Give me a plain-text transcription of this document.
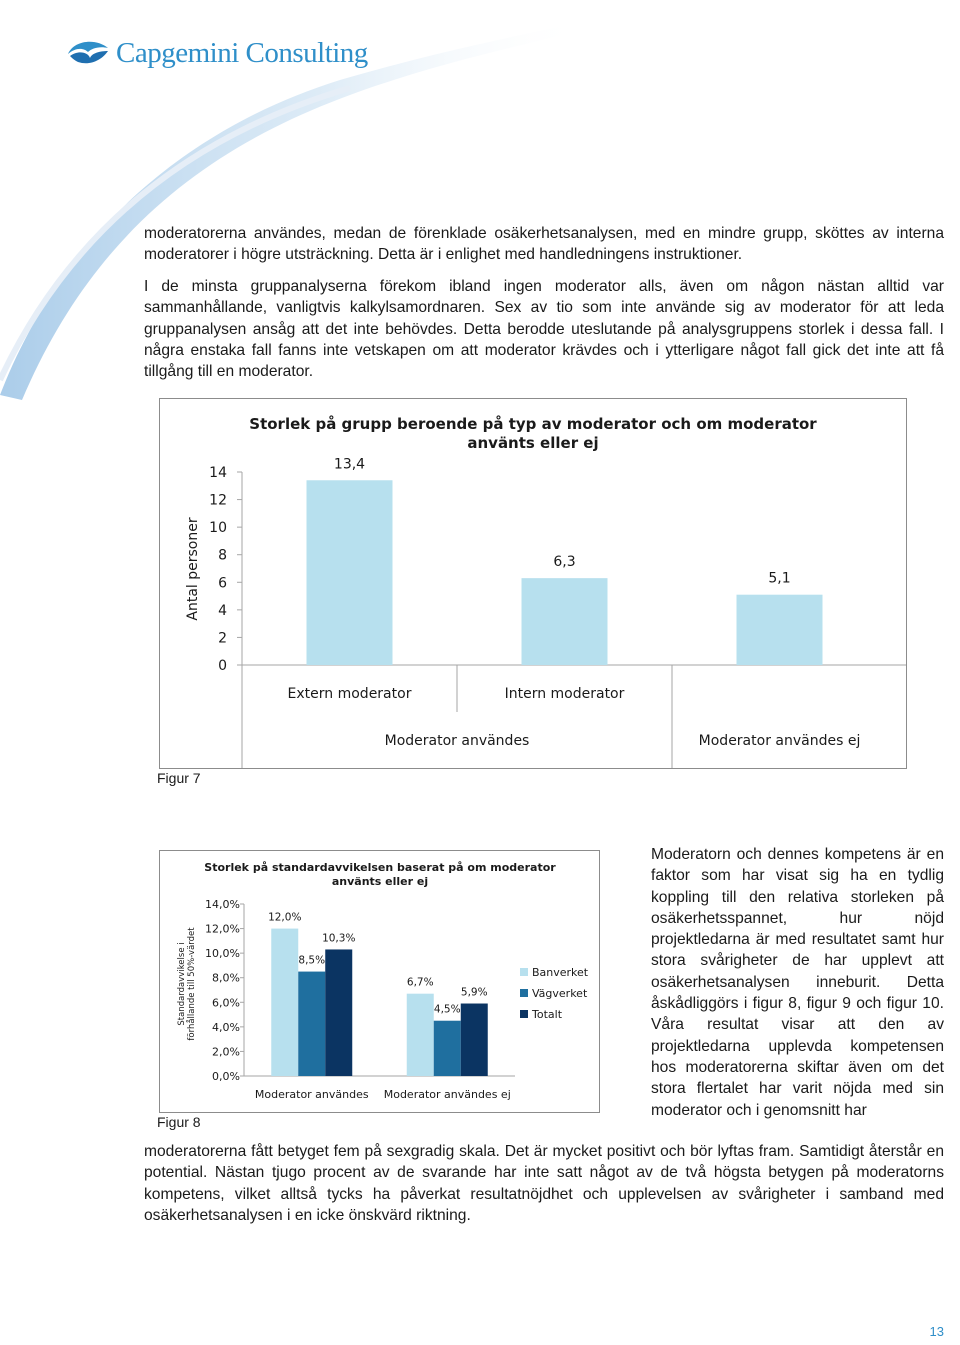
Capgemini Consulting

moderatorerna användes, medan de förenklade osäkerhetsanalysen, med en mindre grupp, sköttes av interna moderatorer i högre utsträckning. Detta är i enlighet med handledningens instruktioner.

I de minsta gruppanalyserna förekom ibland ingen moderator alls, även om någon nästan alltid var sammanhållande, vanligtvis kalkylsamordnaren. Sex av tio som inte använde sig av moderator för att leda gruppanalysen ansåg att det inte behövdes. Detta berodde uteslutande på analysgruppens storlek i dessa fall. I några enstaka fall fanns inte vetskapen om att moderator krävdes och i ytterligare något fall gick det inte att få tillgång till en moderator.

Storlek på grupp beroende på typ av moderator och om moderator
använts eller ej
Antal personer
0
2
4
6
8
10
12
14
13,4
Extern moderator
6,3
Intern moderator
5,1
Moderator användes	Moderator användes ej

Figur 7

Storlek på standardavvikelsen baserat på om moderator
använts eller ej
Standardavvikelse i förhållande till 50%-värdet
0,0%
2,0%
4,0%
6,0%
8,0%
10,0%
12,0%
14,0%
12,0%
8,5%
10,3%
Moderator användes
6,7%
4,5%
5,9%
Moderator användes ej
Banverket
Vägverket
Totalt

Figur 8

Moderatorn och dennes kompetens är en faktor som har visat sig ha en tydlig koppling till den relativa storleken på osäkerhetsspannet, hur nöjd projektledarna är med resultatet samt hur stora svårigheter de har upplevt att osäkerhetsanalysen inneburit. Detta åskådliggörs i figur 8, figur 9 och figur 10. Våra resultat visar att den av projektledarna upplevda kompetensen hos moderatorerna skiftar även om det stora flertalet har varit nöjda med sin moderator och i genomsnitt har

moderatorerna fått betyget fem på sexgradig skala. Det är mycket positivt och bör lyftas fram. Samtidigt återstår en potential. Nästan tjugo procent av de svarande har inte satt något av de två högsta betygen på moderatorns kompetens, vilket alltså tycks ha påverkat resultatnöjdhet och upplevelsen av svårigheter i samband med osäkerhetsanalysen i en icke önskvärd riktning.

13
